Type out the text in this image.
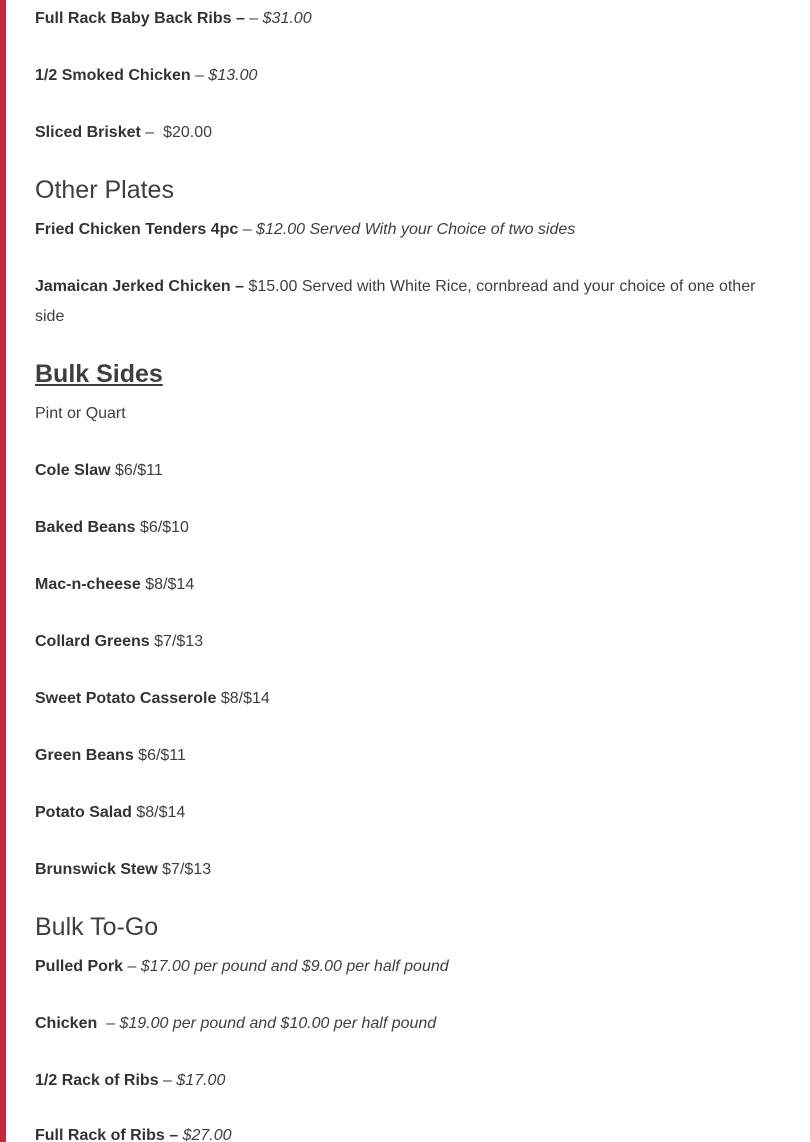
Full Rack Baby Back Ribs – – $31.00
1/2 Smoked Chicken – $13.00
Sliced Brisket –  $20.00
Other Plates
Fried Chicken Tenders 4pc – $12.00 Served With your Choice of two sides
Jamaican Jerked Chicken – $15.00 Served with White Rice, cornbread and your choice of one other side
Bulk Sides
Pint or Quart
Cole Slaw $6/$11
Baked Beans $6/$10
Mac-n-cheese $8/$14
Collard Greens $7/$13
Sweet Potato Casserole $8/$14
Green Beans $6/$11
Potato Salad $8/$14
Brunswick Stew $7/$13
Bulk To-Go
Pulled Pork – $17.00 per pound and $9.00 per half pound
Chicken  – $19.00 per pound and $10.00 per half pound
1/2 Rack of Ribs – $17.00
Full Rack of Ribs – $27.00
